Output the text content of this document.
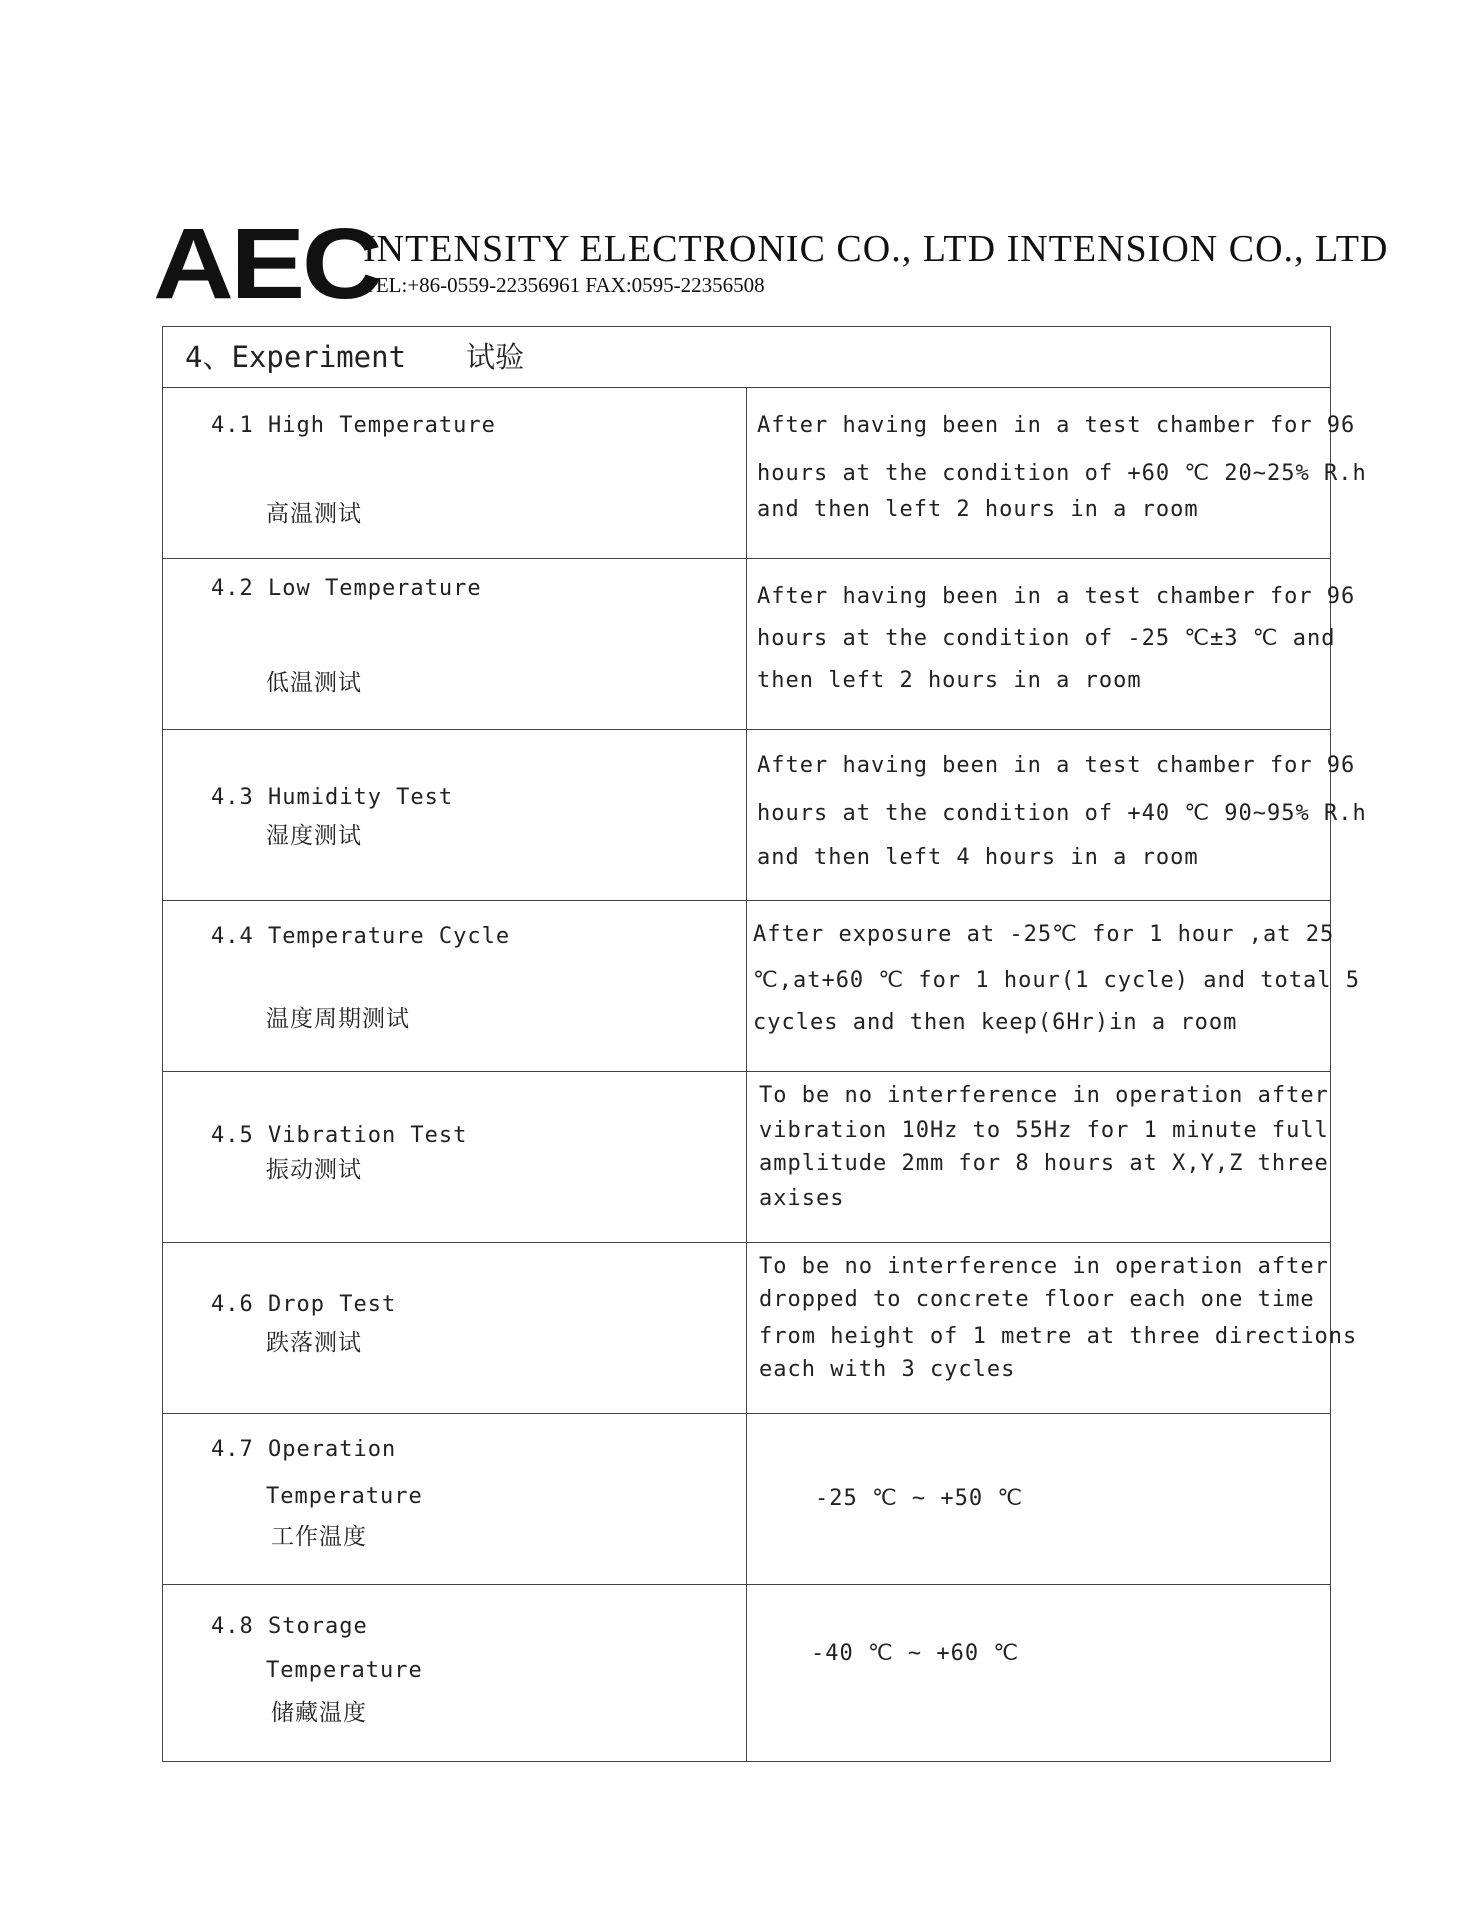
AEC
INTENSITY ELECTRONIC CO., LTD INTENSION CO., LTD
TEL:+86-0559-22356961 FAX:0595-22356508
4、Experiment 试验	

4.1 High Temperature
高温测试	After having been in a test chamber for 96
hours at the condition of +60 ℃ 20~25% R.h
and then left 2 hours in a room

4.2 Low Temperature
低温测试	After having been in a test chamber for 96
hours at the condition of -25 ℃±3 ℃ and
then left 2 hours in a room

4.3 Humidity Test
湿度测试	After having been in a test chamber for 96
hours at the condition of +40 ℃ 90~95% R.h
and then left 4 hours in a room

4.4 Temperature Cycle
温度周期测试	After exposure at -25℃ for 1 hour ,at 25
℃,at+60 ℃ for 1 hour(1 cycle) and total 5
cycles and then keep(6Hr)in a room

4.5 Vibration Test
振动测试	To be no interference in operation after
vibration 10Hz to 55Hz for 1 minute full
amplitude 2mm for 8 hours at X,Y,Z three
axises

4.6 Drop Test
跌落测试	To be no interference in operation after
dropped to concrete floor each one time
from height of 1 metre at three directions
each with 3 cycles

4.7 Operation
Temperature
工作温度	-25 ℃ ~ +50 ℃

4.8 Storage
Temperature
储藏温度	-40 ℃ ~ +60 ℃
